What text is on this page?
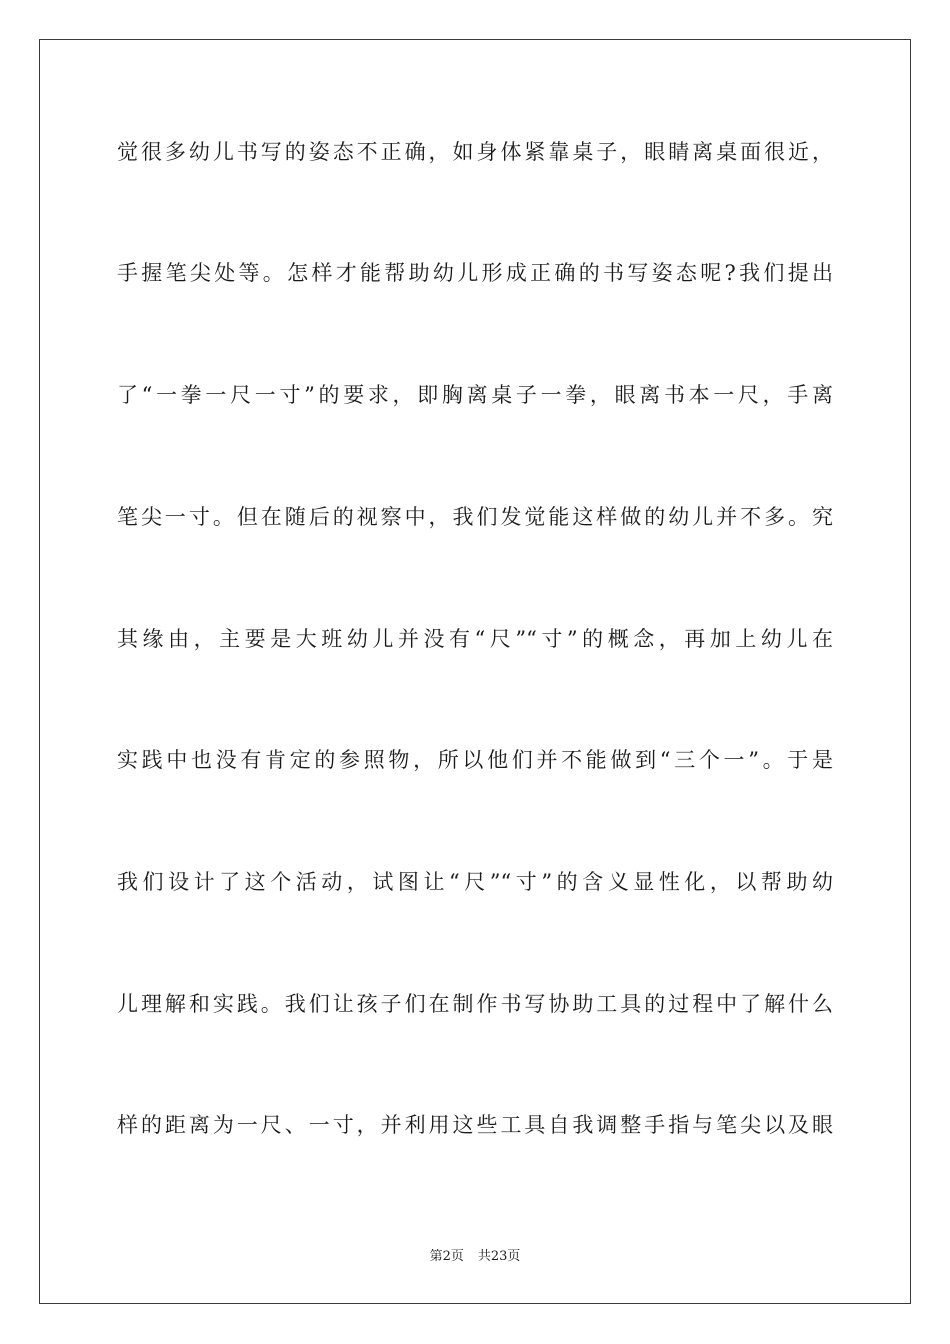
觉很多幼儿书写的姿态不正确，如身体紧靠桌子，眼睛离桌面很近，
手握笔尖处等。怎样才能帮助幼儿形成正确的书写姿态呢?我们提出
了“一拳一尺一寸”的要求，即胸离桌子一拳，眼离书本一尺，手离
笔尖一寸。但在随后的视察中，我们发觉能这样做的幼儿并不多。究
其缘由，主要是大班幼儿并没有“尺”“寸”的概念，再加上幼儿在
实践中也没有肯定的参照物，所以他们并不能做到“三个一”。于是
我们设计了这个活动，试图让“尺”“寸”的含义显性化，以帮助幼
儿理解和实践。我们让孩子们在制作书写协助工具的过程中了解什么
样的距离为一尺、一寸，并利用这些工具自我调整手指与笔尖以及眼
第2页 共23页
